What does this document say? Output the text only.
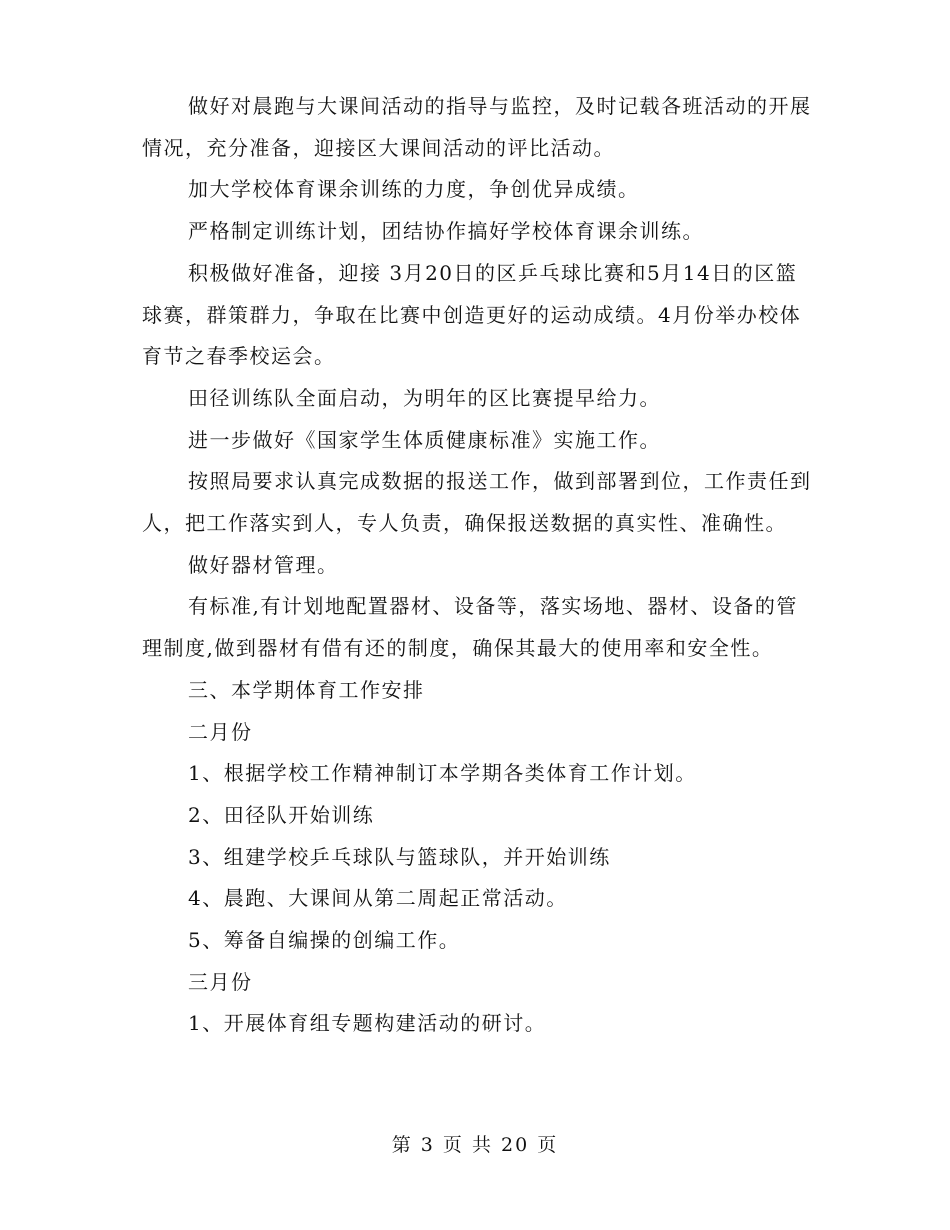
做好对晨跑与大课间活动的指导与监控，及时记载各班活动的开展情况，充分准备，迎接区大课间活动的评比活动。

加大学校体育课余训练的力度，争创优异成绩。

严格制定训练计划，团结协作搞好学校体育课余训练。

积极做好准备，迎接 3月20日的区乒乓球比赛和5月14日的区篮球赛，群策群力，争取在比赛中创造更好的运动成绩。4月份举办校体育节之春季校运会。

田径训练队全面启动，为明年的区比赛提早给力。

进一步做好《国家学生体质健康标准》实施工作。

按照局要求认真完成数据的报送工作，做到部署到位，工作责任到人，把工作落实到人，专人负责，确保报送数据的真实性、准确性。

做好器材管理。

有标准,有计划地配置器材、设备等，落实场地、器材、设备的管理制度,做到器材有借有还的制度，确保其最大的使用率和安全性。

三、本学期体育工作安排

二月份

1、根据学校工作精神制订本学期各类体育工作计划。

2、田径队开始训练

3、组建学校乒乓球队与篮球队，并开始训练

4、晨跑、大课间从第二周起正常活动。

5、筹备自编操的创编工作。

三月份

1、开展体育组专题构建活动的研讨。

第 3 页 共 20 页
